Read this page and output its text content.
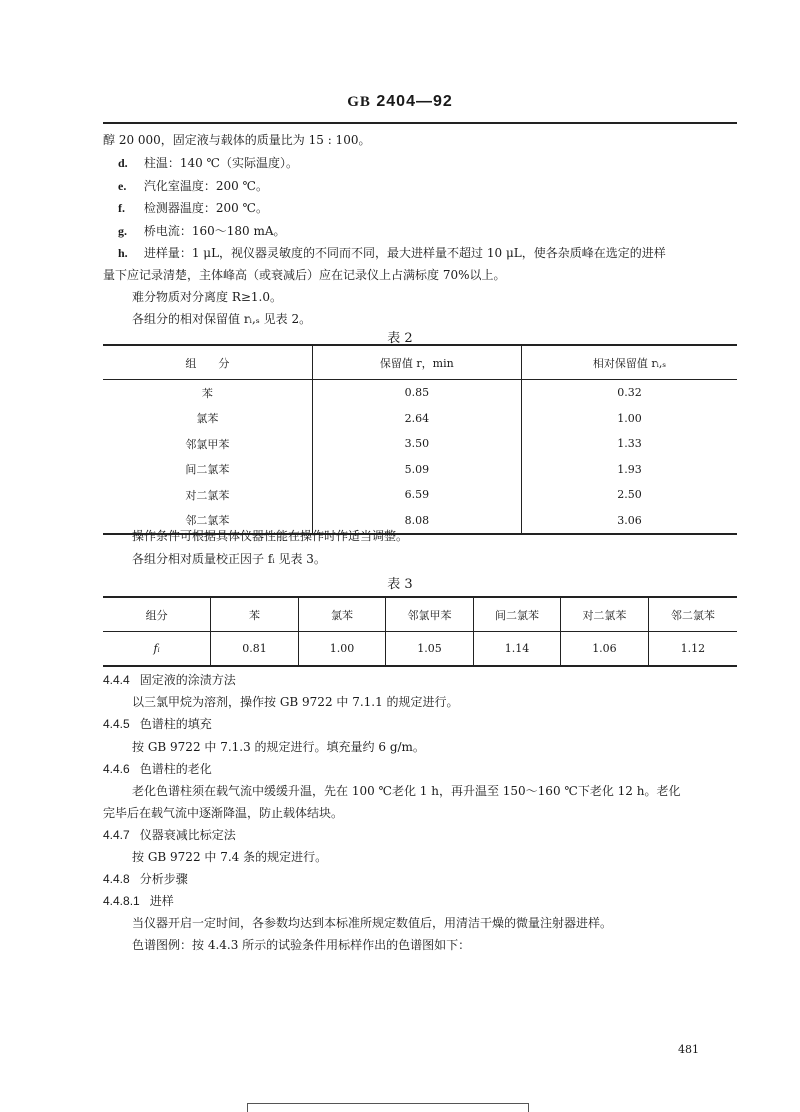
GB 2404—92
醇 20 000，固定液与载体的质量比为 15 : 100。
d. 柱温：140 ℃（实际温度）。
e. 汽化室温度：200 ℃。
f. 检测器温度：200 ℃。
g. 桥电流：160～180 mA。
h. 进样量：1 μL，视仪器灵敏度的不同而不同，最大进样量不超过 10 μL，使各杂质峰在选定的进样
量下应记录清楚，主体峰高（或衰减后）应在记录仪上占满标度 70%以上。
难分物质对分离度 R≥1.0。
各组分的相对保留值 rᵢ,ₛ 见表 2。
表 2
组　　分	保留值 r，min	相对保留值 rᵢ,ₛ
苯	0.85	0.32
氯苯	2.64	1.00
邻氯甲苯	3.50	1.33
间二氯苯	5.09	1.93
对二氯苯	6.59	2.50
邻二氯苯	8.08	3.06
操作条件可根据具体仪器性能在操作时作适当调整。
各组分相对质量校正因子 fᵢ 见表 3。
表 3
组分	苯	氯苯	邻氯甲苯	间二氯苯	对二氯苯	邻二氯苯
fᵢ	0.81	1.00	1.05	1.14	1.06	1.12
4.4.4 固定液的涂渍方法
以三氯甲烷为溶剂，操作按 GB 9722 中 7.1.1 的规定进行。
4.4.5 色谱柱的填充
按 GB 9722 中 7.1.3 的规定进行。填充量约 6 g/m。
4.4.6 色谱柱的老化
老化色谱柱须在载气流中缓缓升温，先在 100 ℃老化 1 h，再升温至 150～160 ℃下老化 12 h。老化
完毕后在载气流中逐渐降温，防止载体结块。
4.4.7 仪器衰减比标定法
按 GB 9722 中 7.4 条的规定进行。
4.4.8 分析步骤
4.4.8.1 进样
当仪器开启一定时间，各参数均达到本标准所规定数值后，用清洁干燥的微量注射器进样。
色谱图例：按 4.4.3 所示的试验条件用标样作出的色谱图如下：
481
